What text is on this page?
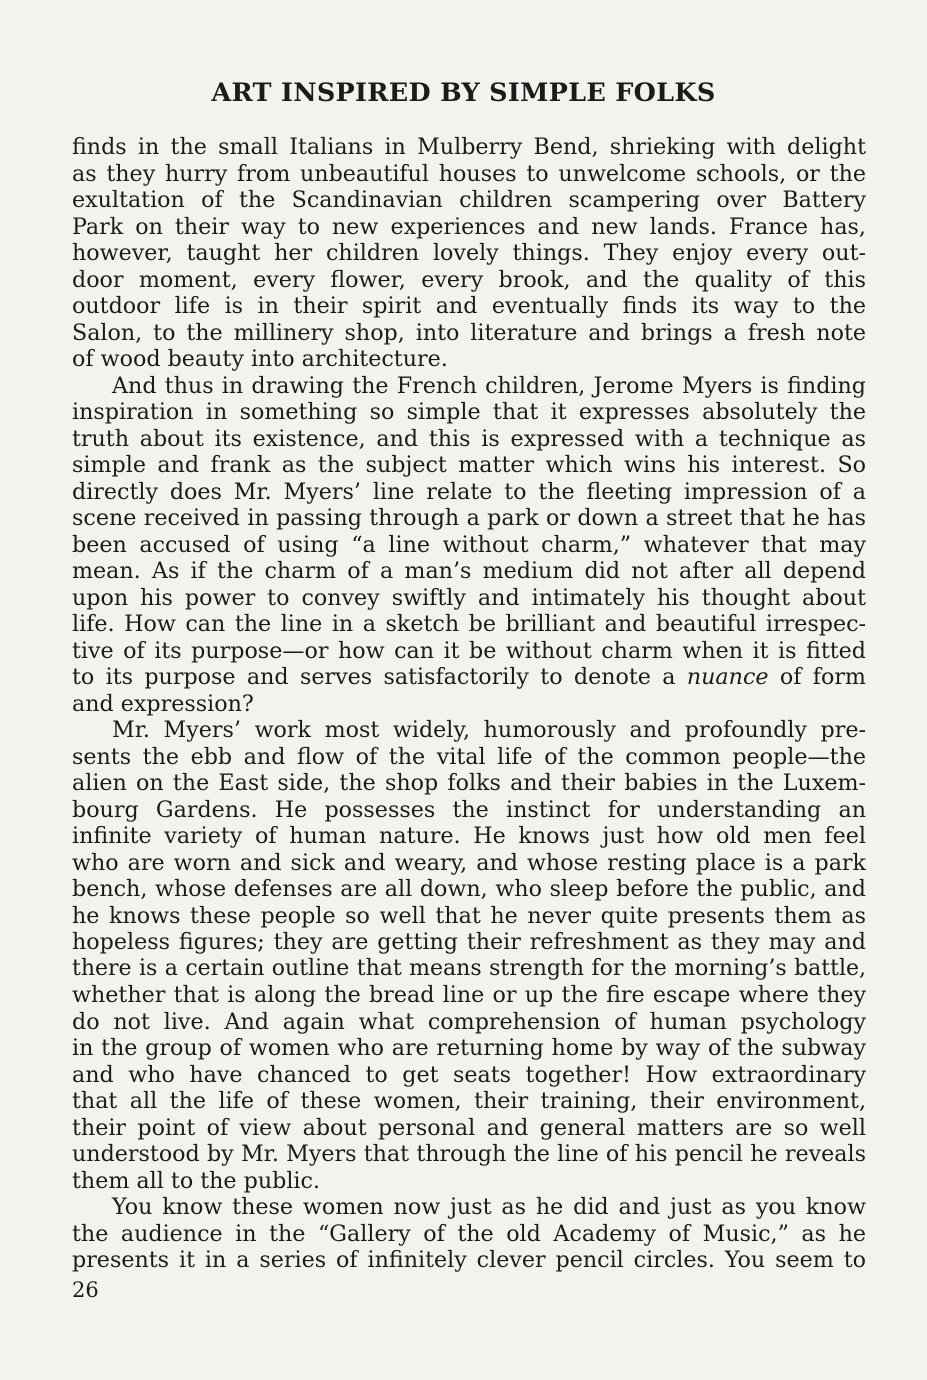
ART INSPIRED BY SIMPLE FOLKS
finds in the small Italians in Mulberry Bend, shrieking with delight
as they hurry from unbeautiful houses to unwelcome schools, or the
exultation of the Scandinavian children scampering over Battery
Park on their way to new experiences and new lands. France has,
however, taught her children lovely things. They enjoy every out-
door moment, every flower, every brook, and the quality of this
outdoor life is in their spirit and eventually finds its way to the
Salon, to the millinery shop, into literature and brings a fresh note
of wood beauty into architecture.
And thus in drawing the French children, Jerome Myers is finding
inspiration in something so simple that it expresses absolutely the
truth about its existence, and this is expressed with a technique as
simple and frank as the subject matter which wins his interest. So
directly does Mr. Myers’ line relate to the fleeting impression of a
scene received in passing through a park or down a street that he has
been accused of using “a line without charm,” whatever that may
mean. As if the charm of a man’s medium did not after all depend
upon his power to convey swiftly and intimately his thought about
life. How can the line in a sketch be brilliant and beautiful irrespec-
tive of its purpose—or how can it be without charm when it is fitted
to its purpose and serves satisfactorily to denote a nuance of form
and expression?
Mr. Myers’ work most widely, humorously and profoundly pre-
sents the ebb and flow of the vital life of the common people—the
alien on the East side, the shop folks and their babies in the Luxem-
bourg Gardens. He possesses the instinct for understanding an
infinite variety of human nature. He knows just how old men feel
who are worn and sick and weary, and whose resting place is a park
bench, whose defenses are all down, who sleep before the public, and
he knows these people so well that he never quite presents them as
hopeless figures; they are getting their refreshment as they may and
there is a certain outline that means strength for the morning’s battle,
whether that is along the bread line or up the fire escape where they
do not live. And again what comprehension of human psychology
in the group of women who are returning home by way of the subway
and who have chanced to get seats together! How extraordinary
that all the life of these women, their training, their environment,
their point of view about personal and general matters are so well
understood by Mr. Myers that through the line of his pencil he reveals
them all to the public.
You know these women now just as he did and just as you know
the audience in the “Gallery of the old Academy of Music,” as he
presents it in a series of infinitely clever pencil circles. You seem to
26
